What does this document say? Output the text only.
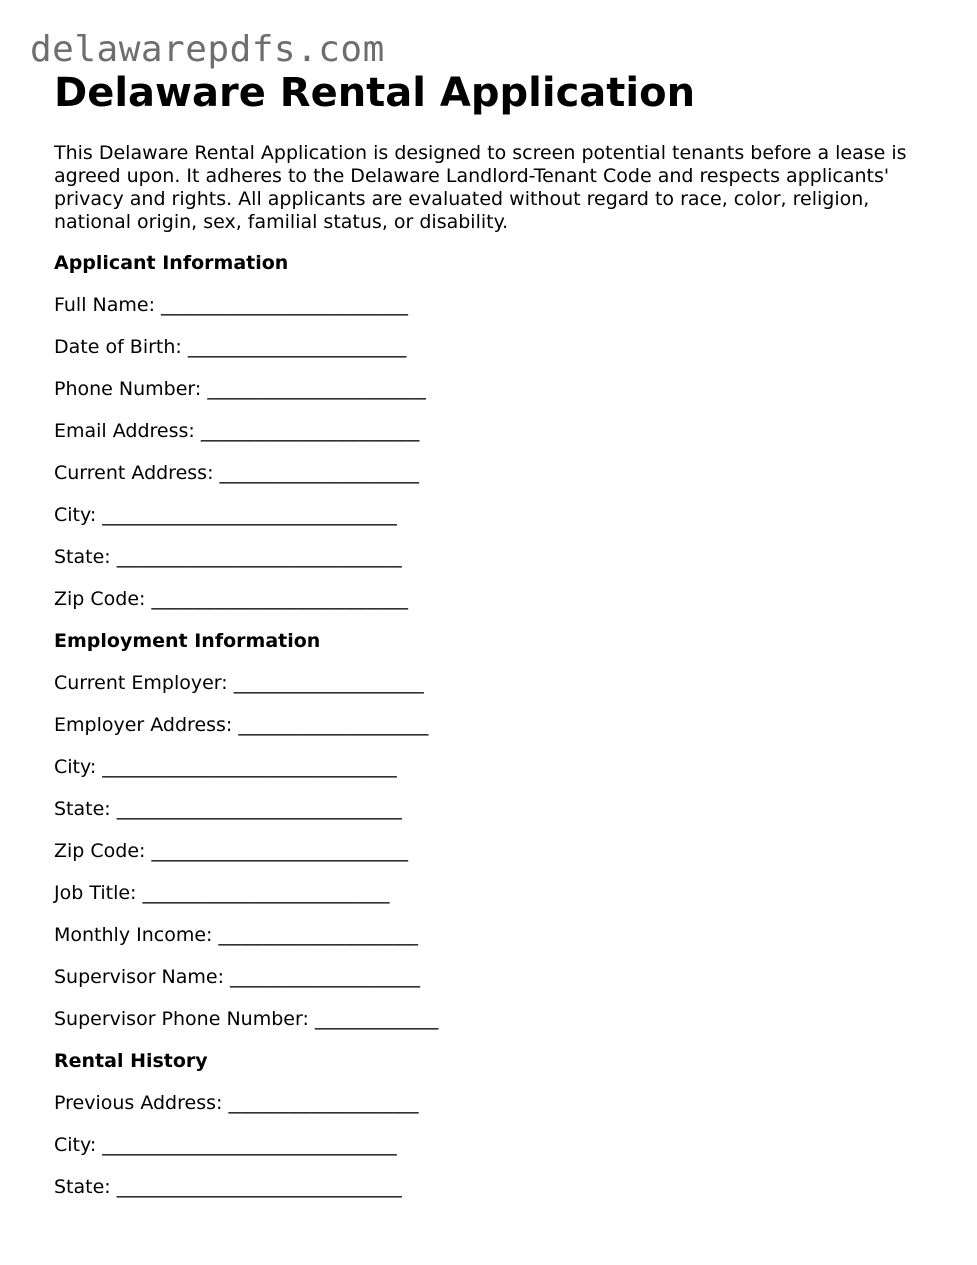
delawarepdfs.com
Delaware Rental Application

This Delaware Rental Application is designed to screen potential tenants before a lease is agreed upon. It adheres to the Delaware Landlord-Tenant Code and respects applicants' privacy and rights. All applicants are evaluated without regard to race, color, religion, national origin, sex, familial status, or disability.

Applicant Information
Full Name: __________________________
Date of Birth: _______________________
Phone Number: _______________________
Email Address: _______________________
Current Address: _____________________
City: _______________________________
State: ______________________________
Zip Code: ___________________________
Employment Information
Current Employer: ____________________
Employer Address: ____________________
City: _______________________________
State: ______________________________
Zip Code: ___________________________
Job Title: __________________________
Monthly Income: _____________________
Supervisor Name: ____________________
Supervisor Phone Number: _____________
Rental History
Previous Address: ____________________
City: _______________________________
State: ______________________________
